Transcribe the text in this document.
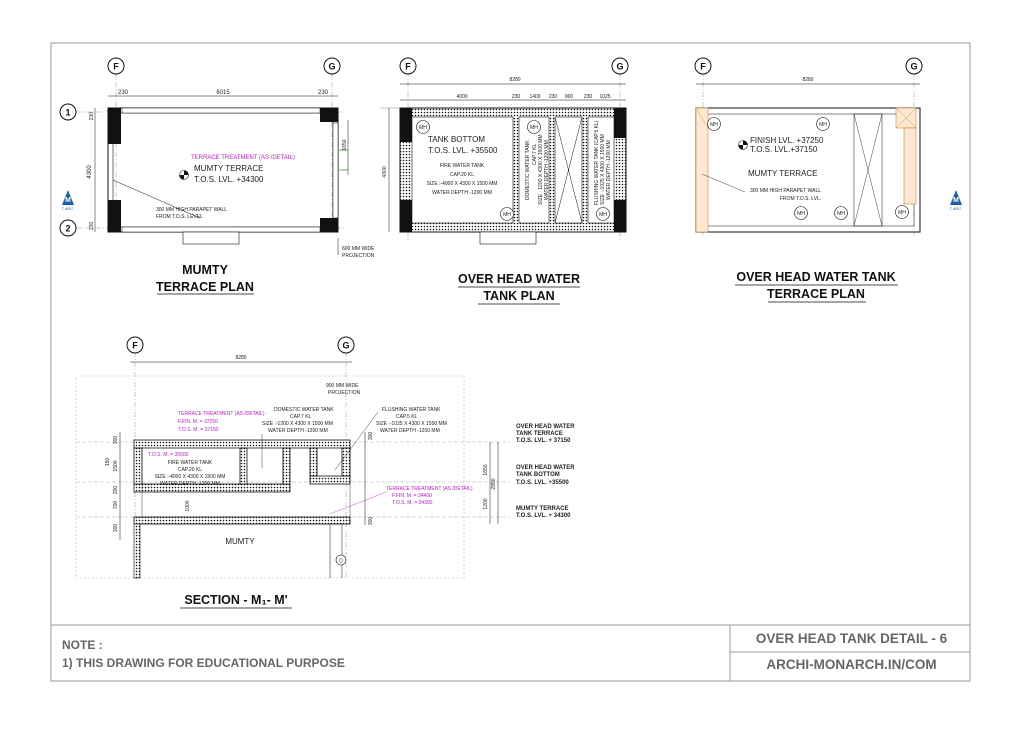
F	G
1
2
M
T.ARC.
230	6015	230
230
4300
230
1650
TERRACE TREATMENT (AS /DETAIL)
MUMTY TERRACE
T.O.S. LVL. +34300
300 MM HIGH PARAPET WALL
FROM T.O.S. LEVEL
600 MM WIDE
PROJECTION
MUMTY
TERRACE PLAN
F	G
8280
4000	230 1400 230 900 230 1025
4300
MH	MH
MH	MH
TANK BOTTOM
T.O.S. LVL. +35500
FIRE WATER TANK
CAP.20 KL
SIZE :-4000 X 4300 X 1500 MM
WATER DEPTH -1200 MM	DOMESTIC WATER TANK CAP.7 KL SIZE : 1200 X 4300 X 1500 MM WATER DEPTH -1200 MM	FLUSHING WATER TANK (CAP.5 KL) SIZE :-1025 X 4300 X 1500 MM WATER DEPTH -1200 MM
OVER HEAD WATER
TANK PLAN
F	G
8280
MH	MH
MH	MH	MH
FINISH LVL. +37250
T.O.S. LVL.+37150
MUMTY TERRACE
300 MM HIGH PARAPET WALL
FROM T.O.S. LVL.	M
T.ARC.
OVER HEAD WATER TANK
TERRACE PLAN
F	G
8280
TERRACE TREATMENT (AS /DETAIL)
F.FIN. M. = 37250
T.O.S. M. = 37150
T.O.S. M. = 35500
DOMESTIC WATER TANK
CAP.7 KL
SIZE :-1200 X 4300 X 1500 MM
WATER DEPTH -1200 MM
FLUSHING WATER TANK
CAP.5 KL
SIZE :-1025 X 4300 X 1500 MM
WATER DEPTH -1200 MM
900 MM WIDE
PROJECTION
FIRE WATER TANK
CAP.20 KL
SIZE :-4000 X 4300 X 1500 MM
WATER DEPTH -1200 MM
TERRACE TREATMENT (AS /DETAIL)
F.FIN. M. = 34400
T.O.S. M. = 34300
MUMTY
D
300
150 1500
200
700
300
1000
300
1650
2850
1200
300
OVER HEAD WATER
TANK TERRACE
T.O.S. LVL. + 37150
OVER HEAD WATER
TANK BOTTOM
T.O.S. LVL. +35500
MUMTY TERRACE
T.O.S. LVL. + 34300
SECTION - M₁- M'
NOTE :
1) THIS DRAWING FOR EDUCATIONAL PURPOSE
OVER HEAD TANK DETAIL - 6
ARCHI-MONARCH.IN/COM
